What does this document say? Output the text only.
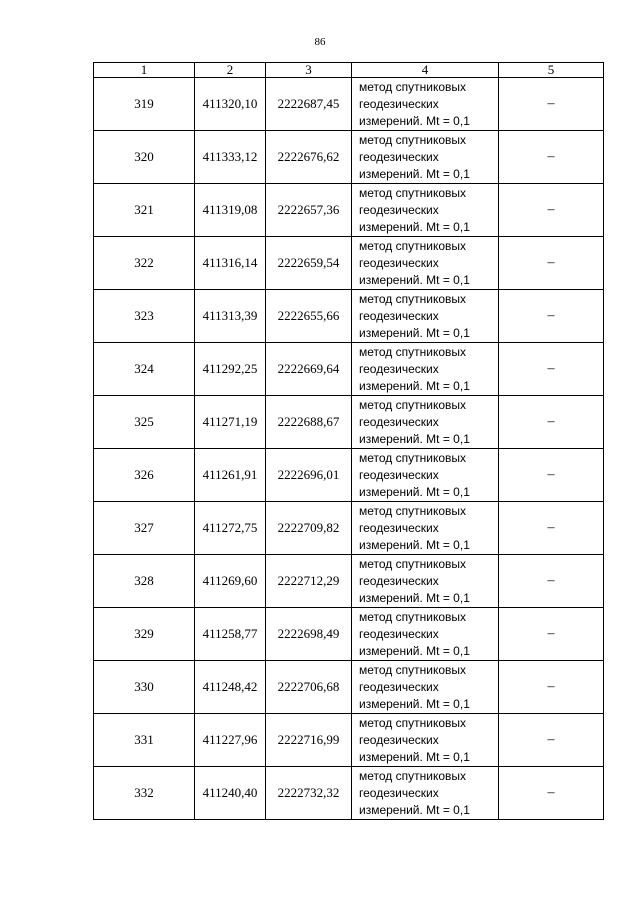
86
1	2	3	4	5
319	411320,10	2222687,45	метод спутниковых
геодезических
измерений. Mt = 0,1	–
320	411333,12	2222676,62	метод спутниковых
геодезических
измерений. Mt = 0,1	–
321	411319,08	2222657,36	метод спутниковых
геодезических
измерений. Mt = 0,1	–
322	411316,14	2222659,54	метод спутниковых
геодезических
измерений. Mt = 0,1	–
323	411313,39	2222655,66	метод спутниковых
геодезических
измерений. Mt = 0,1	–
324	411292,25	2222669,64	метод спутниковых
геодезических
измерений. Mt = 0,1	–
325	411271,19	2222688,67	метод спутниковых
геодезических
измерений. Mt = 0,1	–
326	411261,91	2222696,01	метод спутниковых
геодезических
измерений. Mt = 0,1	–
327	411272,75	2222709,82	метод спутниковых
геодезических
измерений. Mt = 0,1	–
328	411269,60	2222712,29	метод спутниковых
геодезических
измерений. Mt = 0,1	–
329	411258,77	2222698,49	метод спутниковых
геодезических
измерений. Mt = 0,1	–
330	411248,42	2222706,68	метод спутниковых
геодезических
измерений. Mt = 0,1	–
331	411227,96	2222716,99	метод спутниковых
геодезических
измерений. Mt = 0,1	–
332	411240,40	2222732,32	метод спутниковых
геодезических
измерений. Mt = 0,1	–
